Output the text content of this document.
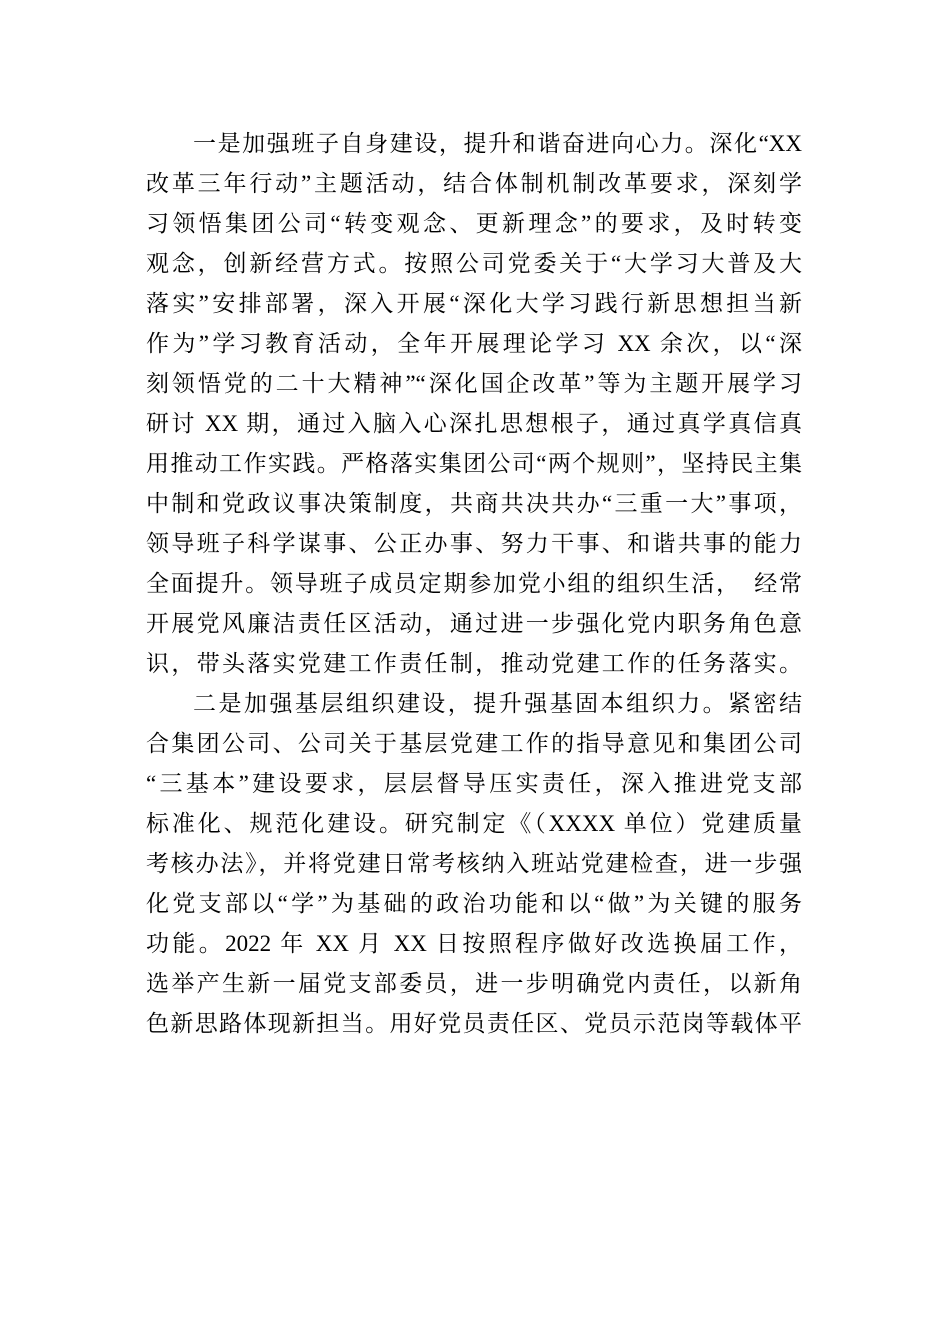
一是加强班子自身建设，提升和谐奋进向心力。深化“XX
改革三年行动”主题活动，结合体制机制改革要求，深刻学
习领悟集团公司“转变观念、更新理念”的要求，及时转变
观念，创新经营方式。按照公司党委关于“大学习大普及大
落实”安排部署，深入开展“深化大学习践行新思想担当新
作为”学习教育活动，全年开展理论学习 XX 余次，以“深
刻领悟党的二十大精神”“深化国企改革”等为主题开展学习
研讨 XX 期，通过入脑入心深扎思想根子，通过真学真信真
用推动工作实践。严格落实集团公司“两个规则”，坚持民主集
中制和党政议事决策制度，共商共决共办“三重一大”事项，
领导班子科学谋事、公正办事、努力干事、和谐共事的能力
全面提升。领导班子成员定期参加党小组的组织生活，　经常
开展党风廉洁责任区活动，通过进一步强化党内职务角色意
识，带头落实党建工作责任制，推动党建工作的任务落实。
二是加强基层组织建设，提升强基固本组织力。紧密结
合集团公司、公司关于基层党建工作的指导意见和集团公司
“三基本”建设要求，层层督导压实责任，深入推进党支部
标准化、规范化建设。研究制定《（XXXX 单位）党建质量
考核办法》，并将党建日常考核纳入班站党建检查，进一步强
化党支部以“学”为基础的政治功能和以“做”为关键的服务
功能。2022 年 XX 月 XX 日按照程序做好改选换届工作，
选举产生新一届党支部委员，进一步明确党内责任，以新角
色新思路体现新担当。用好党员责任区、党员示范岗等载体平
